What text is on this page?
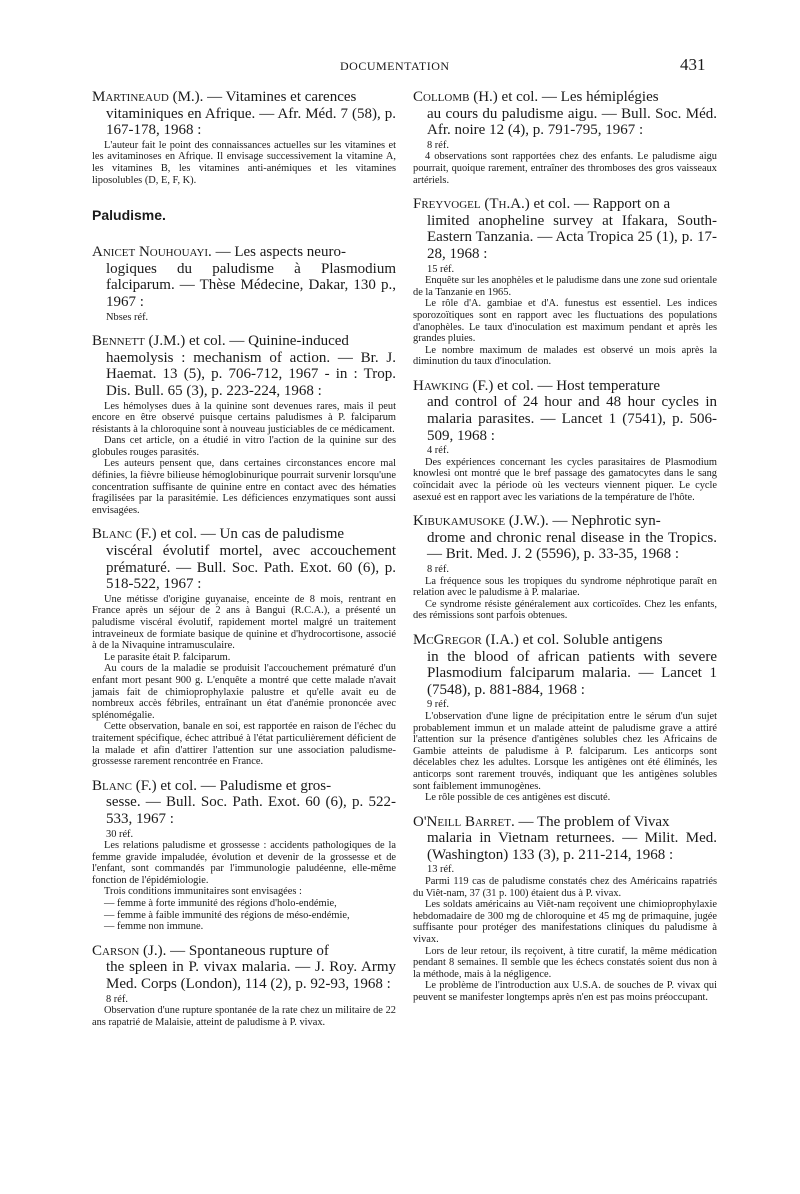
DOCUMENTATION	431
Martineaud (M.). — Vitamines et carences
vitaminiques en Afrique. — Afr. Méd. 7 (58), p. 167-178, 1968 :

L'auteur fait le point des connaissances actuelles sur les vitamines et les avitaminoses en Afrique. Il envisage successivement la vitamine A, les vitamines B, les vitamines anti-anémiques et les vitamines liposolubles (D, E, F, K).

Paludisme.
Anicet Nouhouayi. — Les aspects neuro-
logiques du paludisme à Plasmodium falciparum. — Thèse Médecine, Dakar, 130 p., 1967 :
Nbses réf.
Bennett (J.M.) et col. — Quinine-induced
haemolysis : mechanism of action. — Br. J. Haemat. 13 (5), p. 706-712, 1967 - in : Trop. Dis. Bull. 65 (3), p. 223-224, 1968 :

Les hémolyses dues à la quinine sont devenues rares, mais il peut encore en être observé puisque certains paludismes à P. falciparum résistants à la chloroquine sont à nouveau justiciables de ce médicament.

Dans cet article, on a étudié in vitro l'action de la quinine sur des globules rouges parasités.

Les auteurs pensent que, dans certaines circonstances encore mal définies, la fièvre bilieuse hémoglobinurique pourrait survenir lorsqu'une concentration suffisante de quinine entre en contact avec des hématies fragilisées par la parasitémie. Les déficiences enzymatiques sont aussi envisagées.

Blanc (F.) et col. — Un cas de paludisme
viscéral évolutif mortel, avec accouchement prématuré. — Bull. Soc. Path. Exot. 60 (6), p. 518-522, 1967 :

Une métisse d'origine guyanaise, enceinte de 8 mois, rentrant en France après un séjour de 2 ans à Bangui (R.C.A.), a présenté un paludisme viscéral évolutif, rapidement mortel malgré un traitement intraveineux de formiate basique de quinine et d'hydrocortisone, associé à de la Nivaquine intramusculaire.

Le parasite était P. falciparum.

Au cours de la maladie se produisit l'accouchement prématuré d'un enfant mort pesant 900 g. L'enquête a montré que cette malade n'avait jamais fait de chimioprophylaxie palustre et qu'elle avait eu de nombreux accès fébriles, entraînant un état d'anémie prononcée avec splénomégalie.

Cette observation, banale en soi, est rapportée en raison de l'échec du traitement spécifique, échec attribué à l'état particulièrement déficient de la malade et afin d'attirer l'attention sur une association paludisme-grossesse rarement rencontrée en France.

Blanc (F.) et col. — Paludisme et gros-
sesse. — Bull. Soc. Path. Exot. 60 (6), p. 522-533, 1967 :
30 réf.

Les relations paludisme et grossesse : accidents pathologiques de la femme gravide impaludée, évolution et devenir de la grossesse et de l'enfant, sont commandés par l'immunologie paludéenne, elle-même fonction de l'épidémiologie.

Trois conditions immunitaires sont envisagées :

— femme à forte immunité des régions d'holo-endémie,
— femme à faible immunité des régions de méso-endémie,
— femme non immune.
Carson (J.). — Spontaneous rupture of
the spleen in P. vivax malaria. — J. Roy. Army Med. Corps (London), 114 (2), p. 92-93, 1968 :
8 réf.

Observation d'une rupture spontanée de la rate chez un militaire de 22 ans rapatrié de Malaisie, atteint de paludisme à P. vivax.

Collomb (H.) et col. — Les hémiplégies
au cours du paludisme aigu. — Bull. Soc. Méd. Afr. noire 12 (4), p. 791-795, 1967 :
8 réf.

4 observations sont rapportées chez des enfants. Le paludisme aigu pourrait, quoique rarement, entraîner des thromboses des gros vaisseaux artériels.

Freyvogel (Th.A.) et col. — Rapport on a
limited anopheline survey at Ifakara, South-Eastern Tanzania. — Acta Tropica 25 (1), p. 17-28, 1968 :
15 réf.

Enquête sur les anophèles et le paludisme dans une zone sud orientale de la Tanzanie en 1965.

Le rôle d'A. gambiae et d'A. funestus est essentiel. Les indices sporozoïtiques sont en rapport avec les fluctuations des populations d'anophèles. Le taux d'inoculation est maximum pendant et après les grandes pluies.

Le nombre maximum de malades est observé un mois après la diminution du taux d'inoculation.

Hawking (F.) et col. — Host temperature
and control of 24 hour and 48 hour cycles in malaria parasites. — Lancet 1 (7541), p. 506-509, 1968 :
4 réf.

Des expériences concernant les cycles parasitaires de Plasmodium knowlesi ont montré que le bref passage des gamatocytes dans le sang coïncidait avec la période où les vecteurs viennent piquer. Le cycle asexué est en rapport avec les variations de la température de l'hôte.

Kibukamusoke (J.W.). — Nephrotic syn-
drome and chronic renal disease in the Tropics. — Brit. Med. J. 2 (5596), p. 33-35, 1968 :
8 réf.

La fréquence sous les tropiques du syndrome néphrotique paraît en relation avec le paludisme à P. malariae.

Ce syndrome résiste généralement aux corticoïdes. Chez les enfants, des rémissions sont parfois obtenues.

McGregor (I.A.) et col. Soluble antigens
in the blood of african patients with severe Plasmodium falciparum malaria. — Lancet 1 (7548), p. 881-884, 1968 :
9 réf.

L'observation d'une ligne de précipitation entre le sérum d'un sujet probablement immun et un malade atteint de paludisme grave a attiré l'attention sur la présence d'antigènes solubles chez les Africains de Gambie atteints de paludisme à P. falciparum. Les anticorps sont décelables chez les adultes. Lorsque les antigènes ont été éliminés, les anticorps sont rarement trouvés, indiquant que les antigènes solubles sont faiblement immunogènes.

Le rôle possible de ces antigènes est discuté.

O'Neill Barret. — The problem of Vivax
malaria in Vietnam returnees. — Milit. Med. (Washington) 133 (3), p. 211-214, 1968 :
13 réf.

Parmi 119 cas de paludisme constatés chez des Américains rapatriés du Viêt-nam, 37 (31 p. 100) étaient dus à P. vivax.

Les soldats américains au Viêt-nam reçoivent une chimioprophylaxie hebdomadaire de 300 mg de chloroquine et 45 mg de primaquine, jugée suffisante pour protéger des manifestations cliniques du paludisme à vivax.

Lors de leur retour, ils reçoivent, à titre curatif, la même médication pendant 8 semaines. Il semble que les échecs constatés soient dus non à la méthode, mais à la négligence.

Le problème de l'introduction aux U.S.A. de souches de P. vivax qui peuvent se manifester longtemps après n'en est pas moins préoccupant.
